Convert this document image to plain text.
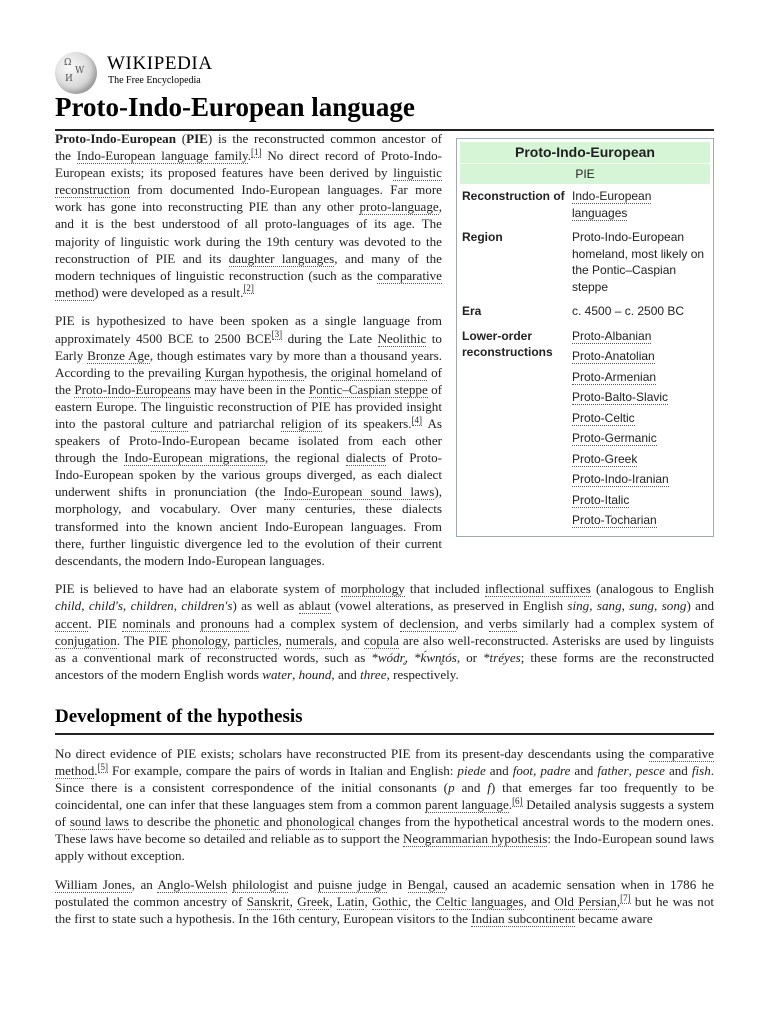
Ω
W
И
WIKIPEDIA
The Free Encyclopedia
Proto-Indo-European language
Proto-Indo-European
PIE
Reconstruction of Indo-European languages
Region	Proto-Indo-European homeland, most likely on the Pontic–Caspian steppe
Era	c. 4500 – c. 2500 BC
Lower-order reconstructions
Proto-Albanian
Proto-Anatolian
Proto-Armenian
Proto-Balto-Slavic
Proto-Celtic
Proto-Germanic
Proto-Greek
Proto-Indo-Iranian
Proto-Italic
Proto-Tocharian

Proto-Indo-European (PIE) is the reconstructed common ancestor of the Indo-European language family.[1] No direct record of Proto-Indo-European exists; its proposed features have been derived by linguistic reconstruction from documented Indo-European languages. Far more work has gone into reconstructing PIE than any other proto-language, and it is the best understood of all proto-languages of its age. The majority of linguistic work during the 19th century was devoted to the reconstruction of PIE and its daughter languages, and many of the modern techniques of linguistic reconstruction (such as the comparative method) were developed as a result.[2]

PIE is hypothesized to have been spoken as a single language from approximately 4500 BCE to 2500 BCE[3] during the Late Neolithic to Early Bronze Age, though estimates vary by more than a thousand years. According to the prevailing Kurgan hypothesis, the original homeland of the Proto-Indo-Europeans may have been in the Pontic–Caspian steppe of eastern Europe. The linguistic reconstruction of PIE has provided insight into the pastoral culture and patriarchal religion of its speakers.[4] As speakers of Proto-Indo-European became isolated from each other through the Indo-European migrations, the regional dialects of Proto-Indo-European spoken by the various groups diverged, as each dialect underwent shifts in pronunciation (the Indo-European sound laws), morphology, and vocabulary. Over many centuries, these dialects transformed into the known ancient Indo-European languages. From there, further linguistic divergence led to the evolution of their current descendants, the modern Indo-European languages.

PIE is believed to have had an elaborate system of morphology that included inflectional suffixes (analogous to English child, child's, children, children's) as well as ablaut (vowel alterations, as preserved in English sing, sang, sung, song) and accent. PIE nominals and pronouns had a complex system of declension, and verbs similarly had a complex system of conjugation. The PIE phonology, particles, numerals, and copula are also well-reconstructed. Asterisks are used by linguists as a conventional mark of reconstructed words, such as *wódr̥, *ḱwn̥tós, or *tréyes; these forms are the reconstructed ancestors of the modern English words water, hound, and three, respectively.

Development of the hypothesis

No direct evidence of PIE exists; scholars have reconstructed PIE from its present-day descendants using the comparative method.[5] For example, compare the pairs of words in Italian and English: piede and foot, padre and father, pesce and fish. Since there is a consistent correspondence of the initial consonants (p and f) that emerges far too frequently to be coincidental, one can infer that these languages stem from a common parent language.[6] Detailed analysis suggests a system of sound laws to describe the phonetic and phonological changes from the hypothetical ancestral words to the modern ones. These laws have become so detailed and reliable as to support the Neogrammarian hypothesis: the Indo-European sound laws apply without exception.

William Jones, an Anglo-Welsh philologist and puisne judge in Bengal, caused an academic sensation when in 1786 he postulated the common ancestry of Sanskrit, Greek, Latin, Gothic, the Celtic languages, and Old Persian,[7] but he was not the first to state such a hypothesis. In the 16th century, European visitors to the Indian subcontinent became aware
